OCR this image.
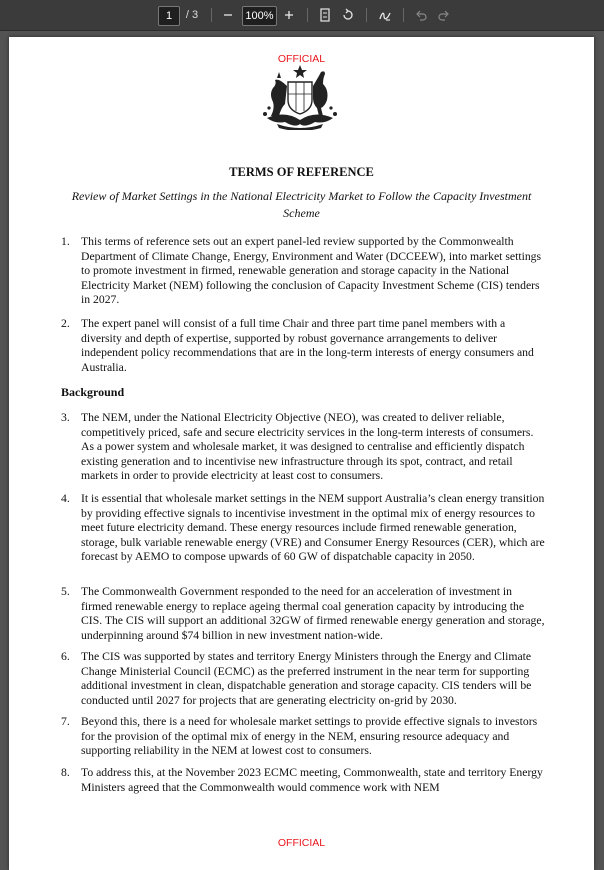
1	/ 3	100%
OFFICIAL
TERMS OF REFERENCE
Review of Market Settings in the National Electricity Market to Follow the Capacity Investment Scheme
1. This terms of reference sets out an expert panel-led review supported by the Commonwealth Department of Climate Change, Energy, Environment and Water (DCCEEW), into market settings to promote investment in firmed, renewable generation and storage capacity in the National Electricity Market (NEM) following the conclusion of Capacity Investment Scheme (CIS) tenders in 2027.
2. The expert panel will consist of a full time Chair and three part time panel members with a diversity and depth of expertise, supported by robust governance arrangements to deliver independent policy recommendations that are in the long-term interests of energy consumers and Australia.
Background
3. The NEM, under the National Electricity Objective (NEO), was created to deliver reliable, competitively priced, safe and secure electricity services in the long-term interests of consumers. As a power system and wholesale market, it was designed to centralise and efficiently dispatch existing generation and to incentivise new infrastructure through its spot, contract, and retail markets in order to provide electricity at least cost to consumers.
4. It is essential that wholesale market settings in the NEM support Australia’s clean energy transition by providing effective signals to incentivise investment in the optimal mix of energy resources to meet future electricity demand. These energy resources include firmed renewable generation, storage, bulk variable renewable energy (VRE) and Consumer Energy Resources (CER), which are forecast by AEMO to compose upwards of 60 GW of dispatchable capacity in 2050.
5. The Commonwealth Government responded to the need for an acceleration of investment in firmed renewable energy to replace ageing thermal coal generation capacity by introducing the CIS. The CIS will support an additional 32GW of firmed renewable energy generation and storage, underpinning around $74 billion in new investment nation-wide.
6. The CIS was supported by states and territory Energy Ministers through the Energy and Climate Change Ministerial Council (ECMC) as the preferred instrument in the near term for supporting additional investment in clean, dispatchable generation and storage capacity. CIS tenders will be conducted until 2027 for projects that are generating electricity on-grid by 2030.
7. Beyond this, there is a need for wholesale market settings to provide effective signals to investors for the provision of the optimal mix of energy in the NEM, ensuring resource adequacy and supporting reliability in the NEM at lowest cost to consumers.
8. To address this, at the November 2023 ECMC meeting, Commonwealth, state and territory Energy Ministers agreed that the Commonwealth would commence work with NEM
OFFICIAL
